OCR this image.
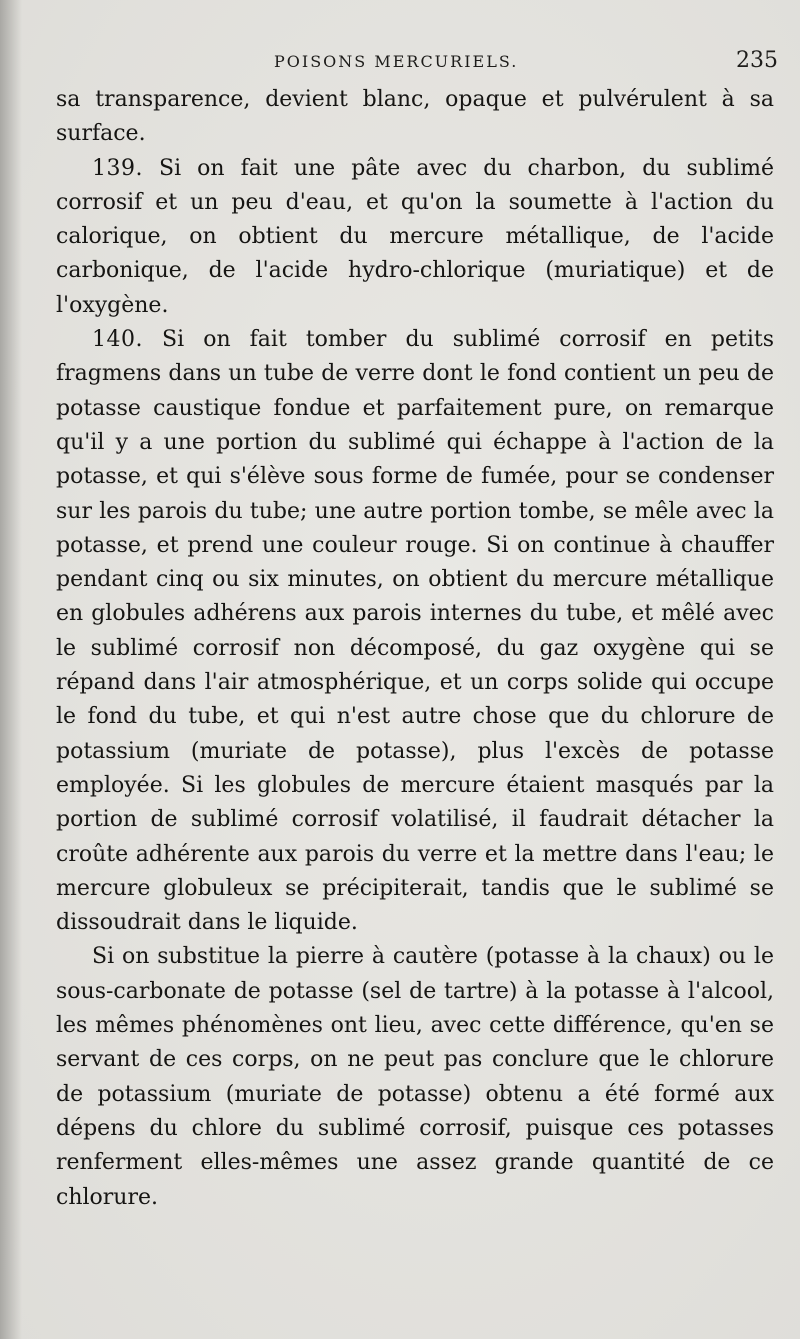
POISONS MERCURIELS.	235

sa transparence, devient blanc, opaque et pulvérulent à sa surface.

139. Si on fait une pâte avec du charbon, du sublimé corrosif et un peu d'eau, et qu'on la soumette à l'action du calorique, on obtient du mercure métallique, de l'acide carbonique, de l'acide hydro-chlorique (muriatique) et de l'oxygène.

140. Si on fait tomber du sublimé corrosif en petits fragmens dans un tube de verre dont le fond contient un peu de potasse caustique fondue et parfaitement pure, on remarque qu'il y a une portion du sublimé qui échappe à l'action de la potasse, et qui s'élève sous forme de fumée, pour se condenser sur les parois du tube; une autre portion tombe, se mêle avec la potasse, et prend une couleur rouge. Si on continue à chauffer pendant cinq ou six minutes, on obtient du mercure métallique en globules adhérens aux parois internes du tube, et mêlé avec le sublimé corrosif non décomposé, du gaz oxygène qui se répand dans l'air atmosphérique, et un corps solide qui occupe le fond du tube, et qui n'est autre chose que du chlorure de potassium (muriate de potasse), plus l'excès de potasse employée. Si les globules de mercure étaient masqués par la portion de sublimé corrosif volatilisé, il faudrait détacher la croûte adhérente aux parois du verre et la mettre dans l'eau; le mercure globuleux se précipiterait, tandis que le sublimé se dissoudrait dans le liquide.

Si on substitue la pierre à cautère (potasse à la chaux) ou le sous-carbonate de potasse (sel de tartre) à la potasse à l'alcool, les mêmes phénomènes ont lieu, avec cette différence, qu'en se servant de ces corps, on ne peut pas conclure que le chlorure de potassium (muriate de potasse) obtenu a été formé aux dépens du chlore du sublimé corrosif, puisque ces potasses renferment elles-mêmes une assez grande quantité de ce chlorure.
